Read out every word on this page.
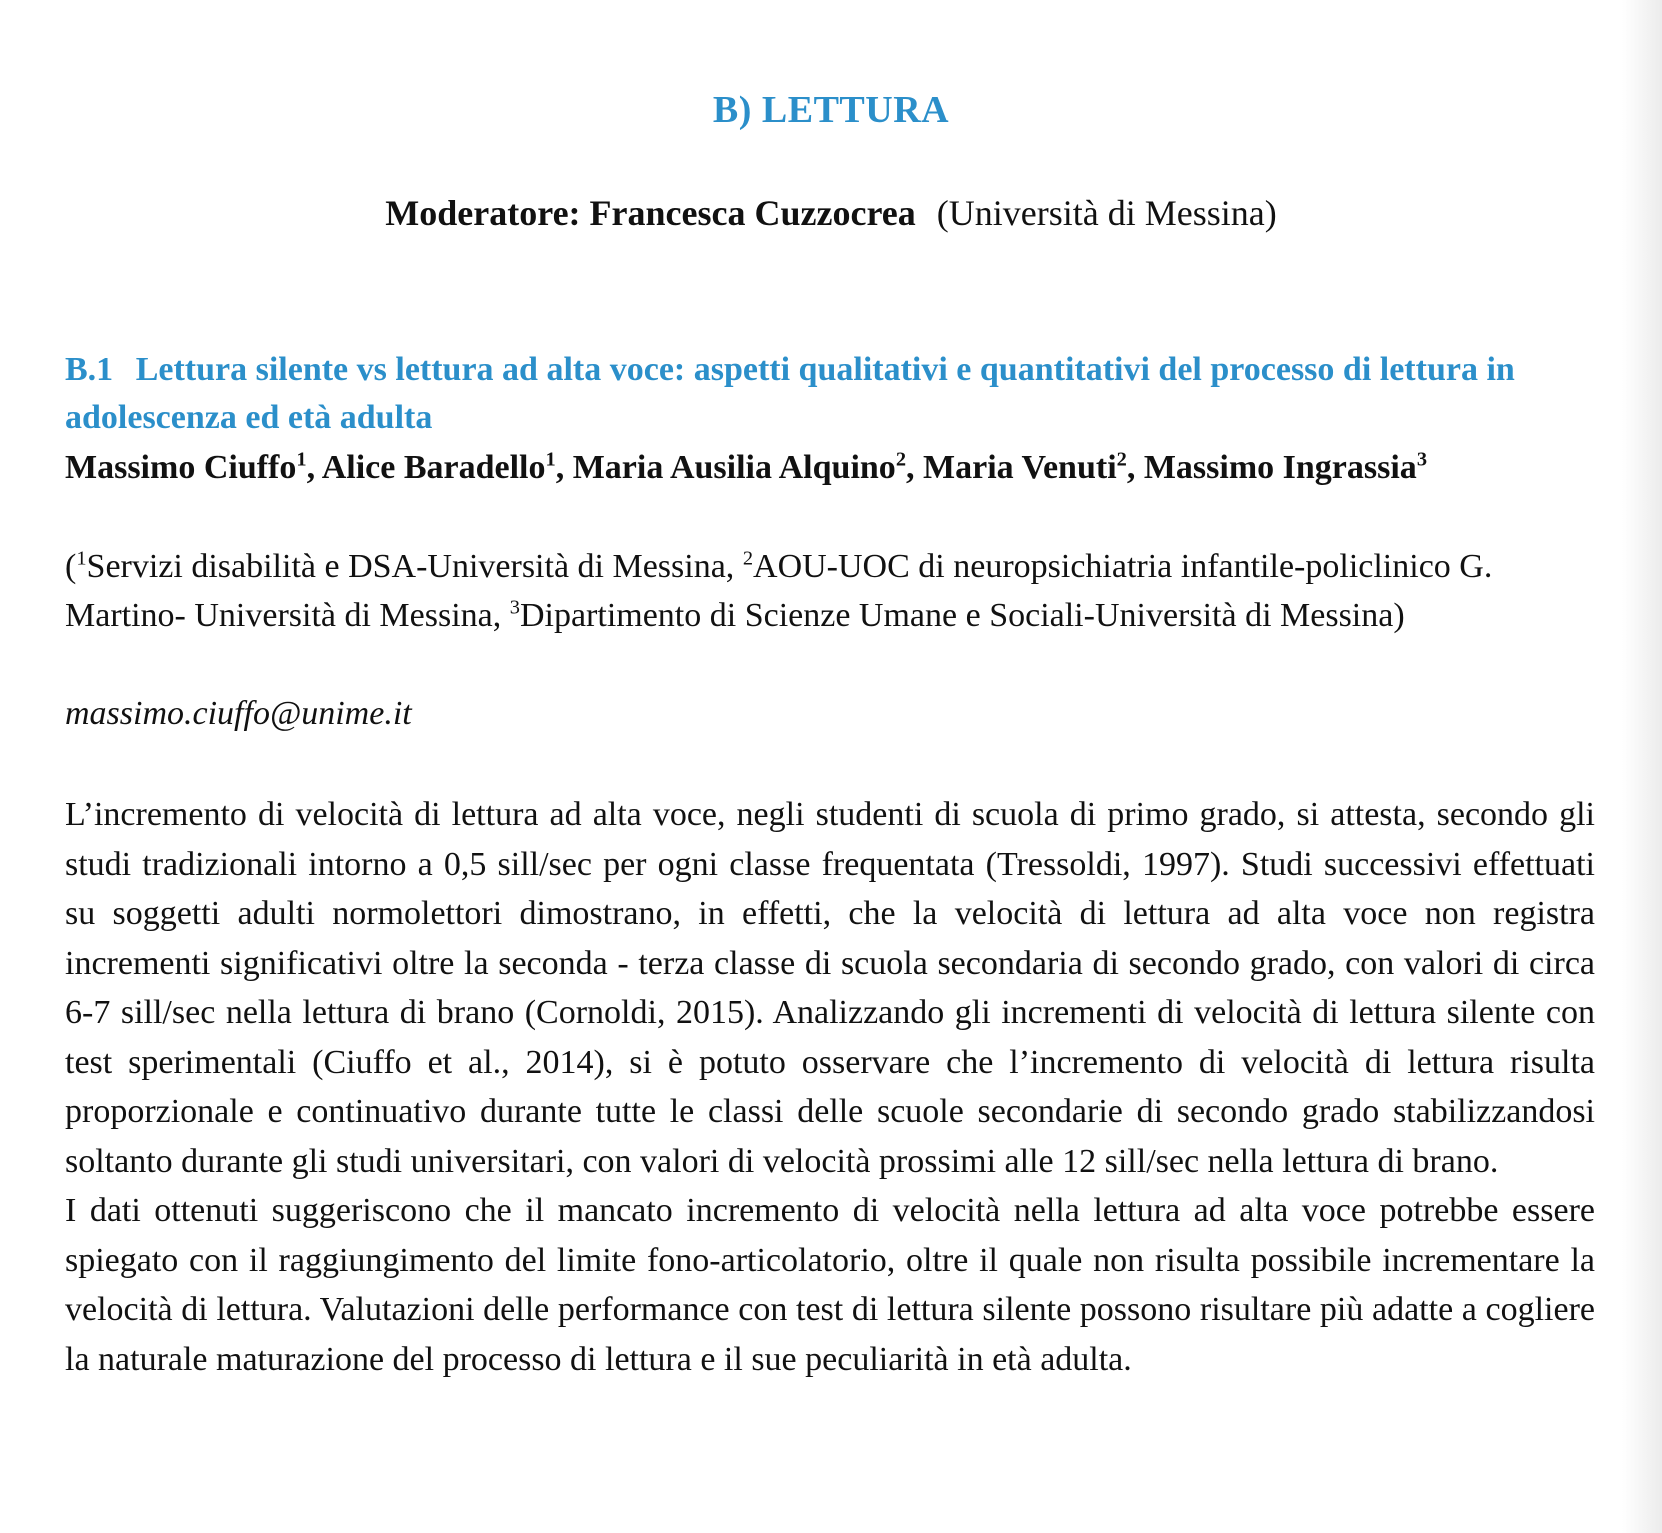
B) LETTURA
Moderatore: Francesca Cuzzocrea (Università di Messina)
B.1 Lettura silente vs lettura ad alta voce: aspetti qualitativi e quantitativi del processo di lettura in adolescenza ed età adulta
Massimo Ciuffo$^1$, Alice Baradello$^1$, Maria Ausilia Alquino$^2$, Maria Venuti$^2$, Massimo Ingrassia$^3$
($^1$Servizi disabilità e DSA-Università di Messina, $^2$AOU-UOC di neuropsichiatria infantile-policlinico G. Martino- Università di Messina, $^3$Dipartimento di Scienze Umane e Sociali-Università di Messina)
massimo.ciuffo@unime.it

L’incremento di velocità di lettura ad alta voce, negli studenti di scuola di primo grado, si attesta, secondo gli studi tradizionali intorno a 0,5 sill/sec per ogni classe frequentata (Tressoldi, 1997). Studi successivi effettuati su soggetti adulti normolettori dimostrano, in effetti, che la velocità di lettura ad alta voce non registra incrementi significativi oltre la seconda - terza classe di scuola secondaria di secondo grado, con valori di circa 6-7 sill/sec nella lettura di brano (Cornoldi, 2015). Analizzando gli incrementi di velocità di lettura silente con test sperimentali (Ciuffo et al., 2014), si è potuto osservare che l’incremento di velocità di lettura risulta proporzionale e continuativo durante tutte le classi delle scuole secondarie di secondo grado stabilizzandosi soltanto durante gli studi universitari, con valori di velocità prossimi alle 12 sill/sec nella lettura di brano.

I dati ottenuti suggeriscono che il mancato incremento di velocità nella lettura ad alta voce potrebbe essere spiegato con il raggiungimento del limite fono-articolatorio, oltre il quale non risulta possibile incrementare la velocità di lettura. Valutazioni delle performance con test di lettura silente possono risultare più adatte a cogliere la naturale maturazione del processo di lettura e il sue peculiarità in età adulta.
